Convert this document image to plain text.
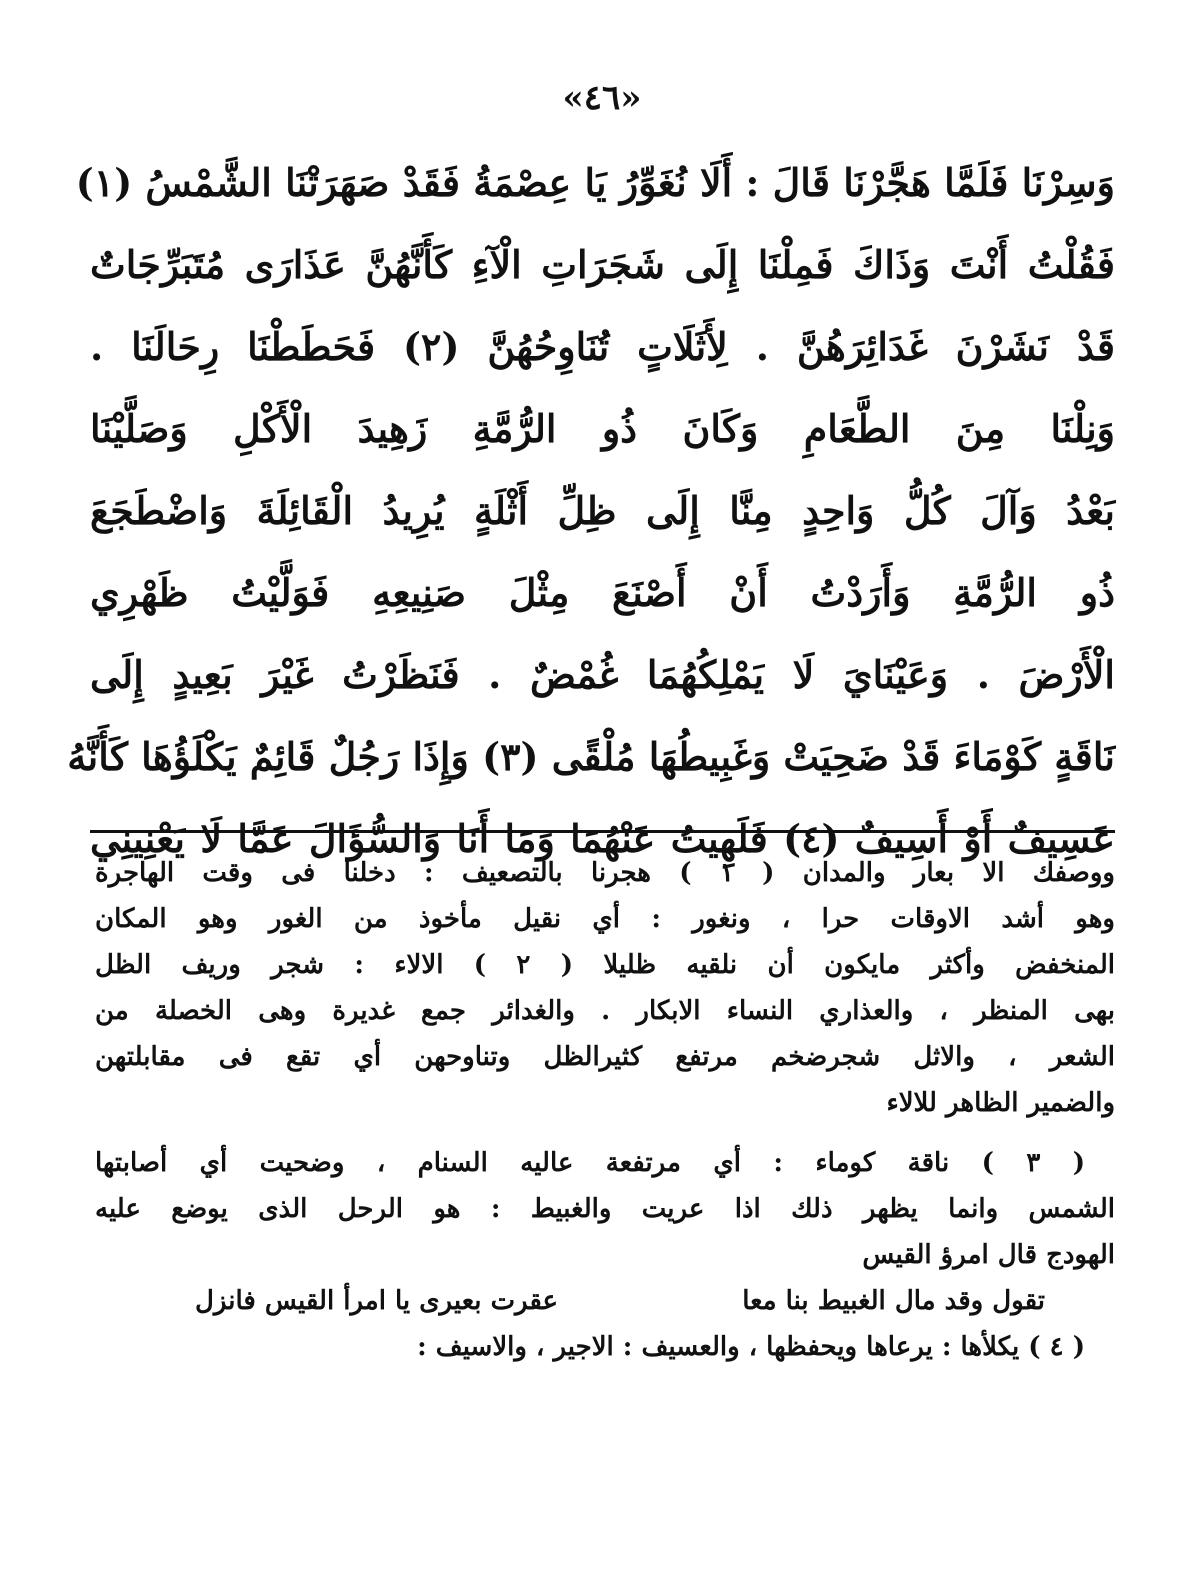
«٤٦»
وَسِرْنَا فَلَمَّا هَجَّرْنَا قَالَ : أَلَا نُغَوِّرُ يَا عِصْمَةُ فَقَدْ صَهَرَتْنَا الشَّمْسُ (١)
فَقُلْتُ أَنْتَ وَذَاكَ فَمِلْنَا إِلَى شَجَرَاتِ الْآءِ كَأَنَّهُنَّ عَذَارَى مُتَبَرِّجَاتٌ
قَدْ نَشَرْنَ غَدَائِرَهُنَّ . لِأَثَلَاتٍ تُنَاوِحُهُنَّ (٢) فَحَطَطْنَا رِحَالَنَا .
وَنِلْنَا مِنَ الطَّعَامِ وَكَانَ ذُو الرُّمَّةِ زَهِيدَ الْأَكْلِ وَصَلَّيْنَا
بَعْدُ وَآلَ كُلُّ وَاحِدٍ مِنَّا إِلَى ظِلِّ أَثْلَةٍ يُرِيدُ الْقَائِلَةَ وَاضْطَجَعَ
ذُو الرُّمَّةِ وَأَرَدْتُ أَنْ أَصْنَعَ مِثْلَ صَنِيعِهِ فَوَلَّيْتُ ظَهْرِي
الْأَرْضَ . وَعَيْنَايَ لَا يَمْلِكُهُمَا غُمْضٌ . فَنَظَرْتُ غَيْرَ بَعِيدٍ إِلَى
نَاقَةٍ كَوْمَاءَ قَدْ ضَحِيَتْ وَغَبِيطُهَا مُلْقًى (٣) وَإِذَا رَجُلٌ قَائِمٌ يَكْلَؤُهَا كَأَنَّهُ
عَسِيفٌ أَوْ أَسِيفٌ (٤) فَلَهِيتُ عَنْهُمَا وَمَا أَنَا وَالسُّؤَالَ عَمَّا لَا يَعْنِينِي
ووصفك الا بعار والمدان ( ١ ) هجرنا بالتصعيف : دخلنا فى وقت الهاجرة
وهو أشد الاوقات حرا ، ونغور : أي نقيل مأخوذ من الغور وهو المكان
المنخفض وأكثر مايكون أن نلقيه ظليلا ( ٢ ) الالاء : شجر وريف الظل
بهى المنظر ، والعذاري النساء الابكار . والغدائر جمع غديرة وهى الخصلة من
الشعر ، والاثل شجرضخم مرتفع كثيرالظل وتناوحهن أي تقع فى مقابلتهن
والضمير الظاهر للالاء
( ٣ ) ناقة كوماء : أي مرتفعة عاليه السنام ، وضحيت أي أصابتها
الشمس وانما يظهر ذلك اذا عريت والغبيط : هو الرحل الذى يوضع عليه
الهودج قال امرؤ القيس
تقول وقد مال الغبيط بنا معا
عقرت بعيرى يا امرأ القيس فانزل
( ٤ ) يكلأها : يرعاها ويحفظها ، والعسيف : الاجير ، والاسيف :
